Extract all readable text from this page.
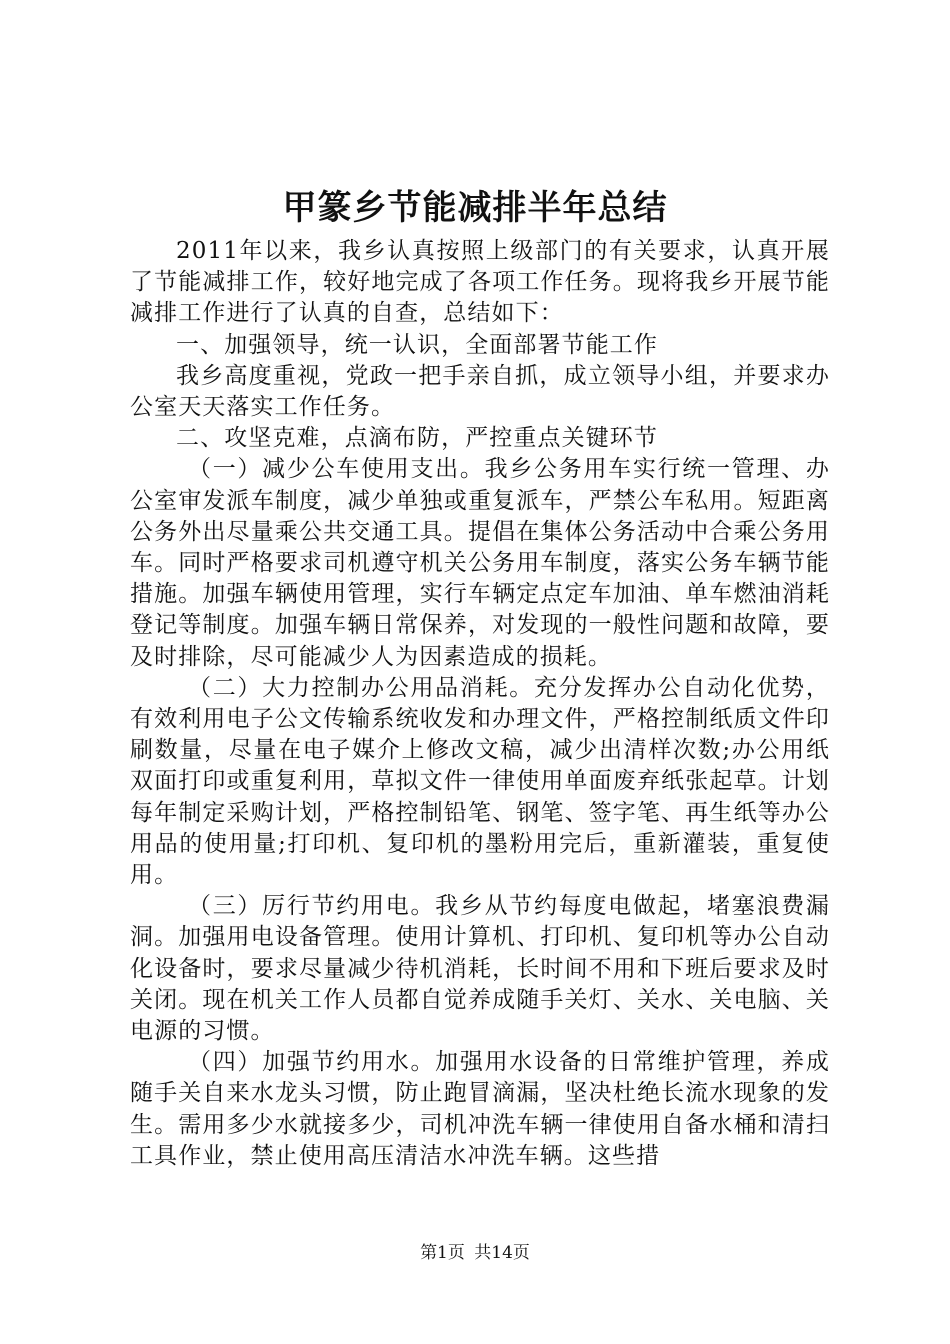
甲篆乡节能减排半年总结

2011年以来，我乡认真按照上级部门的有关要求，认真开展了节能减排工作，较好地完成了各项工作任务。现将我乡开展节能减排工作进行了认真的自查，总结如下：

一、加强领导，统一认识，全面部署节能工作

我乡高度重视，党政一把手亲自抓，成立领导小组，并要求办公室天天落实工作任务。

二、攻坚克难，点滴布防，严控重点关键环节

（一）减少公车使用支出。我乡公务用车实行统一管理、办公室审发派车制度，减少单独或重复派车，严禁公车私用。短距离公务外出尽量乘公共交通工具。提倡在集体公务活动中合乘公务用车。同时严格要求司机遵守机关公务用车制度，落实公务车辆节能措施。加强车辆使用管理，实行车辆定点定车加油、单车燃油消耗登记等制度。加强车辆日常保养，对发现的一般性问题和故障，要及时排除，尽可能减少人为因素造成的损耗。

（二）大力控制办公用品消耗。充分发挥办公自动化优势，有效利用电子公文传输系统收发和办理文件，严格控制纸质文件印刷数量，尽量在电子媒介上修改文稿，减少出清样次数;办公用纸双面打印或重复利用，草拟文件一律使用单面废弃纸张起草。计划每年制定采购计划，严格控制铅笔、钢笔、签字笔、再生纸等办公用品的使用量;打印机、复印机的墨粉用完后，重新灌装，重复使用。

（三）厉行节约用电。我乡从节约每度电做起，堵塞浪费漏洞。加强用电设备管理。使用计算机、打印机、复印机等办公自动化设备时，要求尽量减少待机消耗，长时间不用和下班后要求及时关闭。现在机关工作人员都自觉养成随手关灯、关水、关电脑、关电源的习惯。

（四）加强节约用水。加强用水设备的日常维护管理，养成随手关自来水龙头习惯，防止跑冒滴漏，坚决杜绝长流水现象的发生。需用多少水就接多少，司机冲洗车辆一律使用自备水桶和清扫工具作业，禁止使用高压清洁水冲洗车辆。这些措

第1页 共14页
